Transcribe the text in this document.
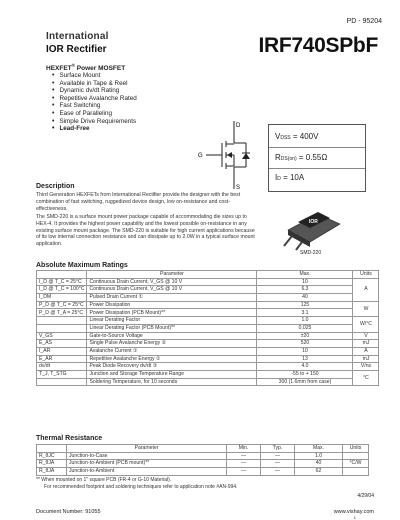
PD - 95204
International
IOR Rectifier	IRF740SPbF
HEXFET® Power MOSFET
• Surface Mount
• Available in Tape & Reel
• Dynamic dv/dt Rating
• Repetitive Avalanche Rated
• Fast Switching
• Ease of Paralleling
• Simple Drive Requirements
• Lead-Free	D
G
S
VDSS = 400V
RDS(on) = 0.55Ω
ID = 10A
Description
Third Generation HEXFETs from International Rectifier provide the designer with the best combination of fast switching, ruggedized device design, low on-resistance and cost-effectiveness.
The SMD-220 is a surface mount power package capable of accommodating die sizes up to HEX-4. It provides the highest power capability and the lowest possible on-resistance in any existing surface mount package. The SMD-220 is suitable for high current applications because of its low internal connection resistance and can dissipate up to 2.0W in a typical surface mount application.
IOR
SMD-220
Absolute Maximum Ratings
	Parameter	Max.	Units
I_D @ T_C = 25°C	Continuous Drain Current, V_GS @ 10 V	10	A
I_D @ T_C = 100°C	Continuous Drain Current, V_GS @ 10 V	6.3	
I_DM	Pulsed Drain Current ①	40	
P_D @ T_C = 25°C	Power Dissipation	125	W
P_D @ T_A = 25°C	Power Dissipation (PCB Mount)**	3.1	
	Linear Derating Factor	1.0	W/°C
	Linear Derating Factor (PCB Mount)**	0.025	
V_GS	Gate-to-Source Voltage	±20	V
E_AS	Single Pulse Avalanche Energy ②	520	mJ
I_AR	Avalanche Current ①	10	A
E_AR	Repetitive Avalanche Energy ①	13	mJ
dv/dt	Peak Diode Recovery dv/dt ③	4.0	V/ns
T_J, T_STG	Junction and Storage Temperature Range	-55 to + 150	°C
	Soldering Temperature, for 10 seconds	300 (1.6mm from case)	
Thermal Resistance
	Parameter	Min.	Typ.	Max.	Units
R_θJC	Junction-to-Case	—	—	1.0	
R_θJA	Junction-to-Ambient (PCB mount)**	—	—	40	°C/W
R_θJA	Junction-to-Ambient	—	—	62	
** When mounted on 1" square PCB (FR-4 or G-10 Material).
For recommended footprint and soldering techniques refer to application note #AN-994.
4/29/04
Document Number: 91055	www.vishay.com
1
